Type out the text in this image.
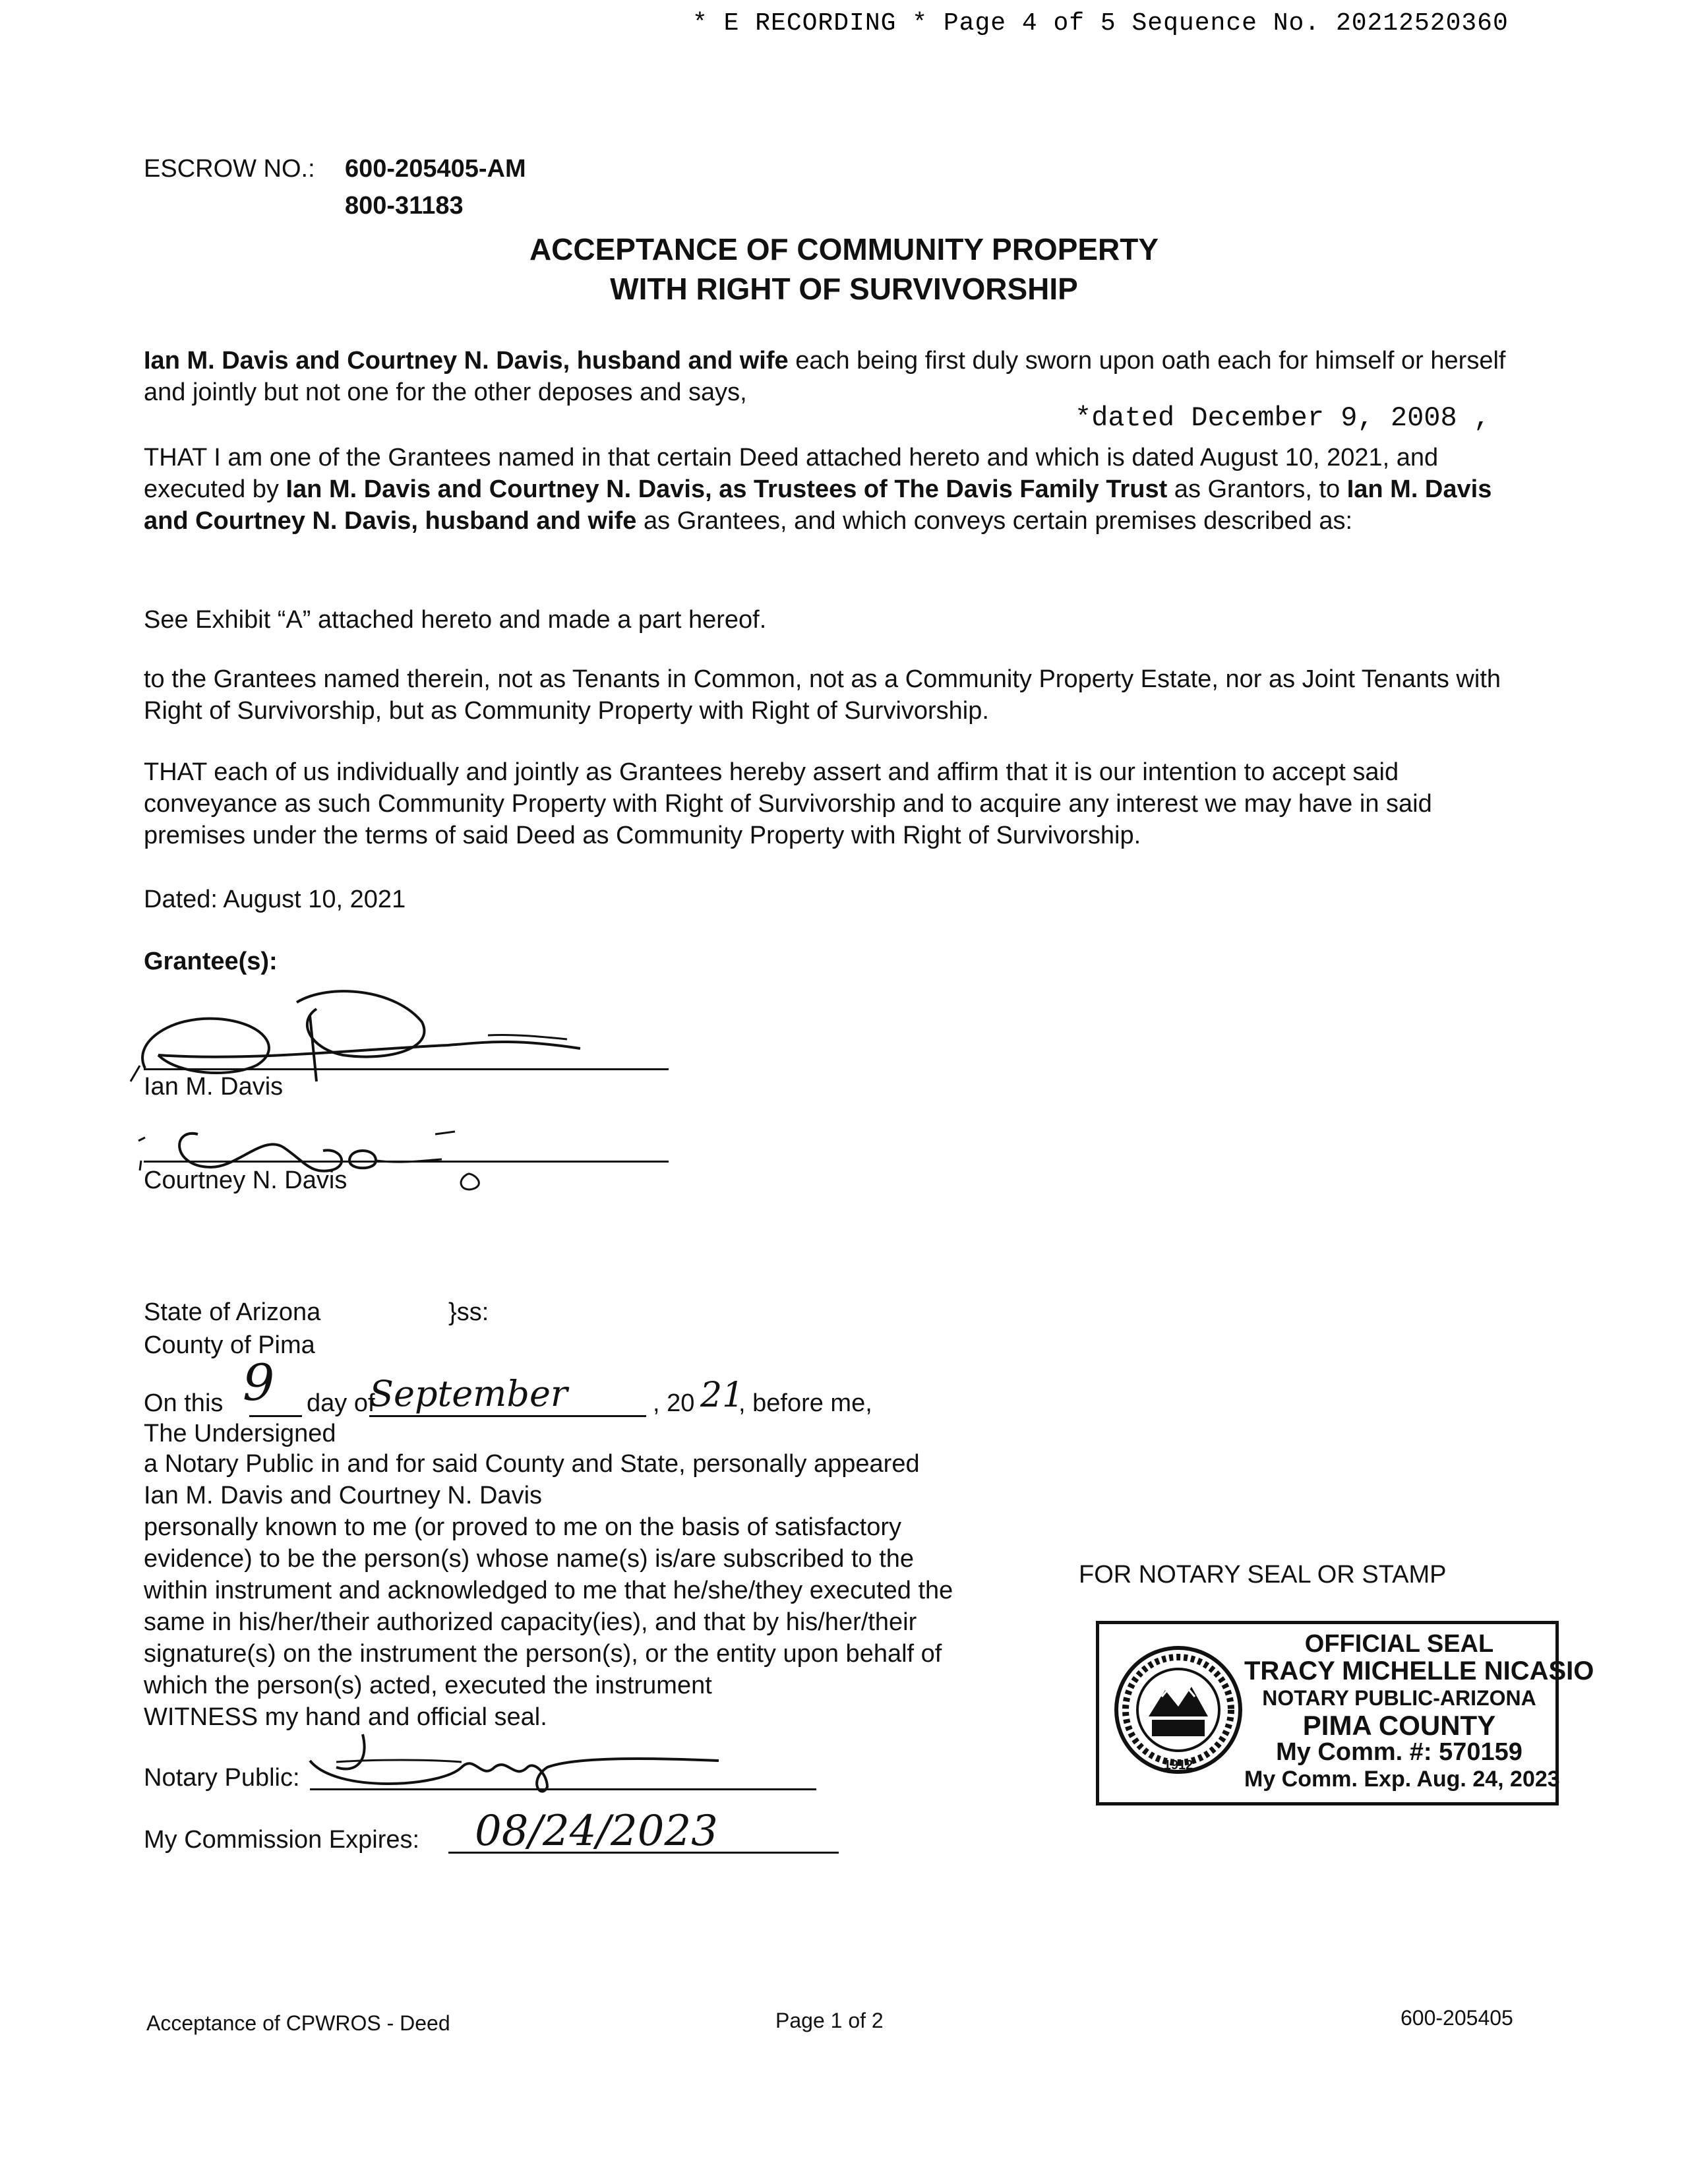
* E RECORDING * Page 4 of 5 Sequence No. 20212520360
ESCROW NO.: 600-205405-AM
800-31183
ACCEPTANCE OF COMMUNITY PROPERTY
WITH RIGHT OF SURVIVORSHIP
Ian M. Davis and Courtney N. Davis, husband and wife each being first duly sworn upon oath each for himself or herself and jointly but not one for the other deposes and says,
*dated December 9, 2008 ,
THAT I am one of the Grantees named in that certain Deed attached hereto and which is dated August 10, 2021, and executed by Ian M. Davis and Courtney N. Davis, as Trustees of The Davis Family Trust as Grantors, to Ian M. Davis and Courtney N. Davis, husband and wife as Grantees, and which conveys certain premises described as:
See Exhibit “A” attached hereto and made a part hereof.
to the Grantees named therein, not as Tenants in Common, not as a Community Property Estate, nor as Joint Tenants with Right of Survivorship, but as Community Property with Right of Survivorship.
THAT each of us individually and jointly as Grantees hereby assert and affirm that it is our intention to accept said conveyance as such Community Property with Right of Survivorship and to acquire any interest we may have in said premises under the terms of said Deed as Community Property with Right of Survivorship.
Dated: August 10, 2021
Grantee(s):
Ian M. Davis
Courtney N. Davis
State of Arizona	}ss:
County of Pima
On this 9 day of
September	, 20 21
, before me,
The Undersigned
a Notary Public in and for said County and State, personally appeared
Ian M. Davis and Courtney N. Davis
personally known to me (or proved to me on the basis of satisfactory
evidence) to be the person(s) whose name(s) is/are subscribed to the
within instrument and acknowledged to me that he/she/they executed the
same in his/her/their authorized capacity(ies), and that by his/her/their
signature(s) on the instrument the person(s), or the entity upon behalf of
which the person(s) acted, executed the instrument
WITNESS my hand and official seal.
Notary Public:
My Commission Expires: 08/24/2023
FOR NOTARY SEAL OR STAMP
1912
OFFICIAL SEAL
TRACY MICHELLE NICASIO
NOTARY PUBLIC-ARIZONA
PIMA COUNTY
My Comm. #: 570159
My Comm. Exp. Aug. 24, 2023
Acceptance of CPWROS - Deed	Page 1 of 2	600-205405
